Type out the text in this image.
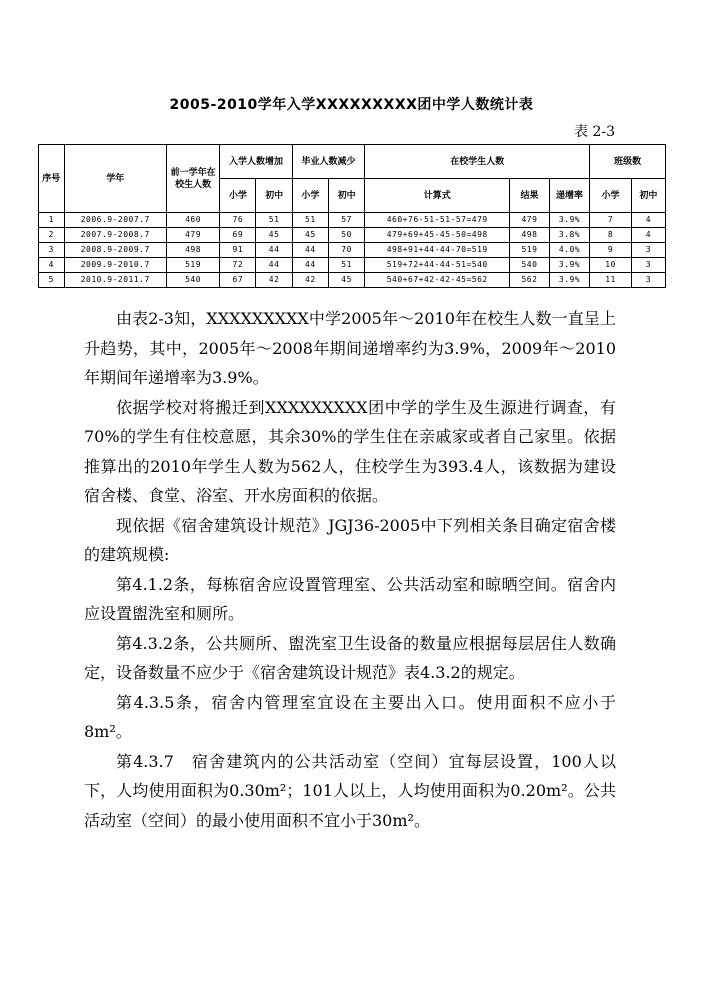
2005-2010学年入学XXXXXXXXX团中学人数统计表
表 2-3
序号	学年	前一学年在校生人数	入学人数增加		毕业人数减少		在校学生人数			班级数	
			小学	初中	小学	初中	计算式	结果	递增率	小学	初中
1	2006.9-2007.7	460	76	51	51	57	460+76-51-51-57=479	479	3.9%	7	4
2	2007.9-2008.7	479	69	45	45	50	479+69+45-45-50=498	498	3.8%	8	4
3	2008.9-2009.7	498	91	44	44	70	498+91+44-44-70=519	519	4.0%	9	3
4	2009.9-2010.7	519	72	44	44	51	519+72+44-44-51=540	540	3.9%	10	3
5	2010.9-2011.7	540	67	42	42	45	540+67+42-42-45=562	562	3.9%	11	3

由表2-3知，XXXXXXXXX中学2005年～2010年在校生人数一直呈上升趋势，其中，2005年～2008年期间递增率约为3.9%，2009年～2010年期间年递增率为3.9%。

依据学校对将搬迁到XXXXXXXXX团中学的学生及生源进行调查，有70%的学生有住校意愿，其余30%的学生住在亲戚家或者自己家里。依据推算出的2010年学生人数为562人，住校学生为393.4人，该数据为建设宿舍楼、食堂、浴室、开水房面积的依据。

现依据《宿舍建筑设计规范》JGJ36-2005中下列相关条目确定宿舍楼的建筑规模:

第4.1.2条，每栋宿舍应设置管理室、公共活动室和晾晒空间。宿舍内应设置盥洗室和厕所。

第4.3.2条，公共厕所、盥洗室卫生设备的数量应根据每层居住人数确定，设备数量不应少于《宿舍建筑设计规范》表4.3.2的规定。

第4.3.5条，宿舍内管理室宜设在主要出入口。使用面积不应小于8m²。

第4.3.7　宿舍建筑内的公共活动室（空间）宜每层设置，100人以下，人均使用面积为0.30m²；101人以上，人均使用面积为0.20m²。公共活动室（空间）的最小使用面积不宜小于30m²。
